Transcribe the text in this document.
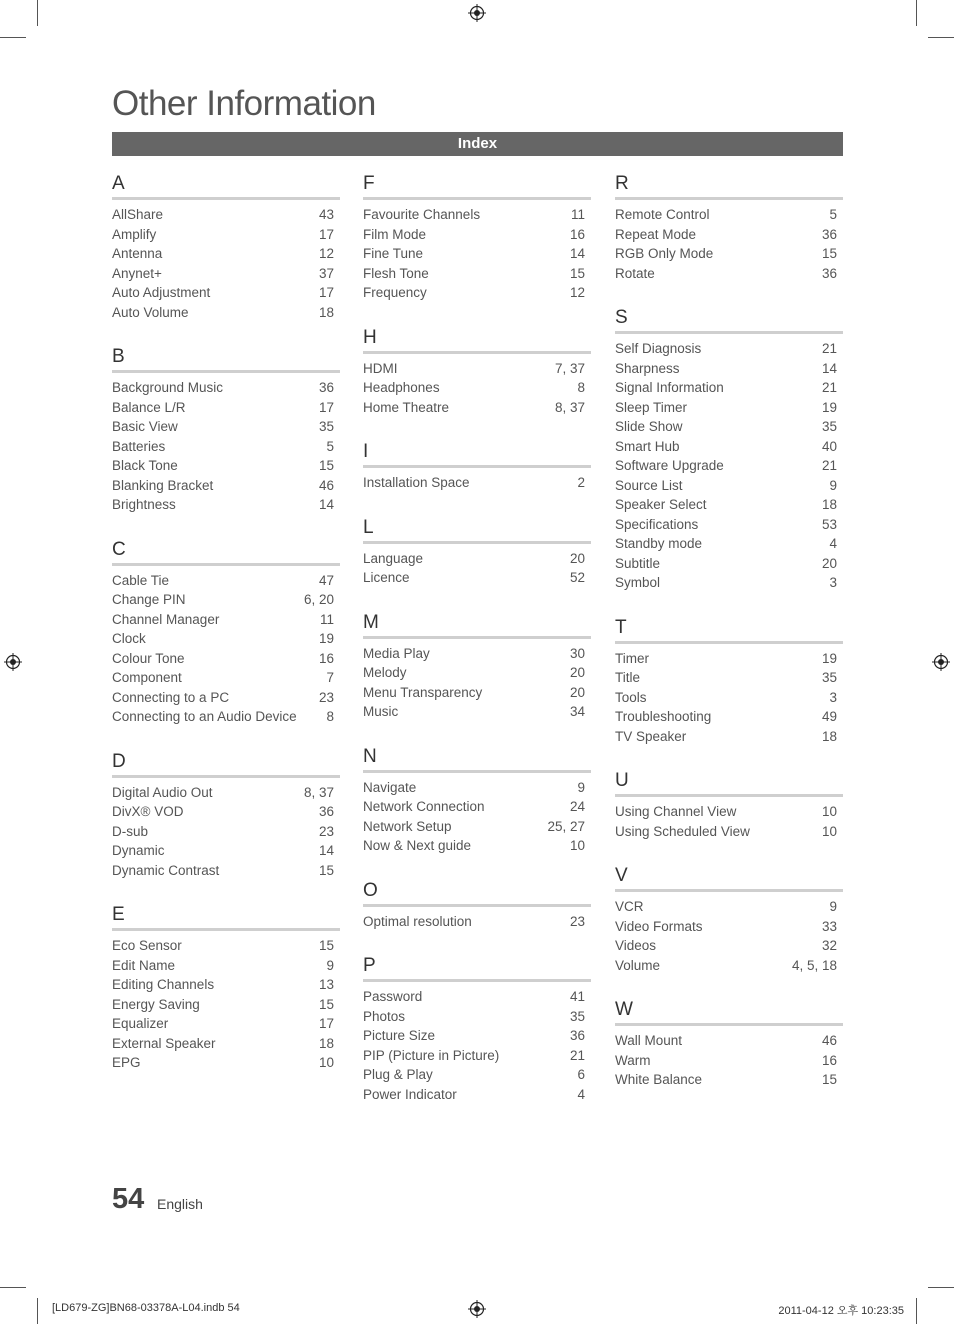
Other Information
Index
A
AllShare	43
Amplify	17
Antenna	12
Anynet+	37
Auto Adjustment	17
Auto Volume	18
B
Background Music	36
Balance L/R	17
Basic View	35
Batteries	5
Black Tone	15
Blanking Bracket	46
Brightness	14
C
Cable Tie	47
Change PIN	6, 20
Channel Manager	11
Clock	19
Colour Tone	16
Component	7
Connecting to a PC	23
Connecting to an Audio Device 8
D
Digital Audio Out	8, 37
DivX® VOD	36
D-sub	23
Dynamic	14
Dynamic Contrast	15
E
Eco Sensor	15
Edit Name	9
Editing Channels	13
Energy Saving	15
Equalizer	17
External Speaker	18
EPG	10
F
Favourite Channels	11
Film Mode	16
Fine Tune	14
Flesh Tone	15
Frequency	12
H
HDMI	7, 37
Headphones	8
Home Theatre	8, 37
I
Installation Space	2
L
Language	20
Licence	52
M
Media Play	30
Melody	20
Menu Transparency	20
Music	34
N
Navigate	9
Network Connection	24
Network Setup	25, 27
Now & Next guide	10
O
Optimal resolution	23
P
Password	41
Photos	35
Picture Size	36
PIP (Picture in Picture)	21
Plug & Play	6
Power Indicator	4
R
Remote Control	5
Repeat Mode	36
RGB Only Mode	15
Rotate	36
S
Self Diagnosis	21
Sharpness	14
Signal Information	21
Sleep Timer	19
Slide Show	35
Smart Hub	40
Software Upgrade	21
Source List	9
Speaker Select	18
Specifications	53
Standby mode	4
Subtitle	20
Symbol	3
T
Timer	19
Title	35
Tools	3
Troubleshooting	49
TV Speaker	18
U
Using Channel View	10
Using Scheduled View	10
V
VCR	9
Video Formats	33
Videos	32
Volume	4, 5, 18
W
Wall Mount	46
Warm	16
White Balance	15
54 English
[LD679-ZG]BN68-03378A-L04.indb 54	2011-04-12 오후 10:23:35
